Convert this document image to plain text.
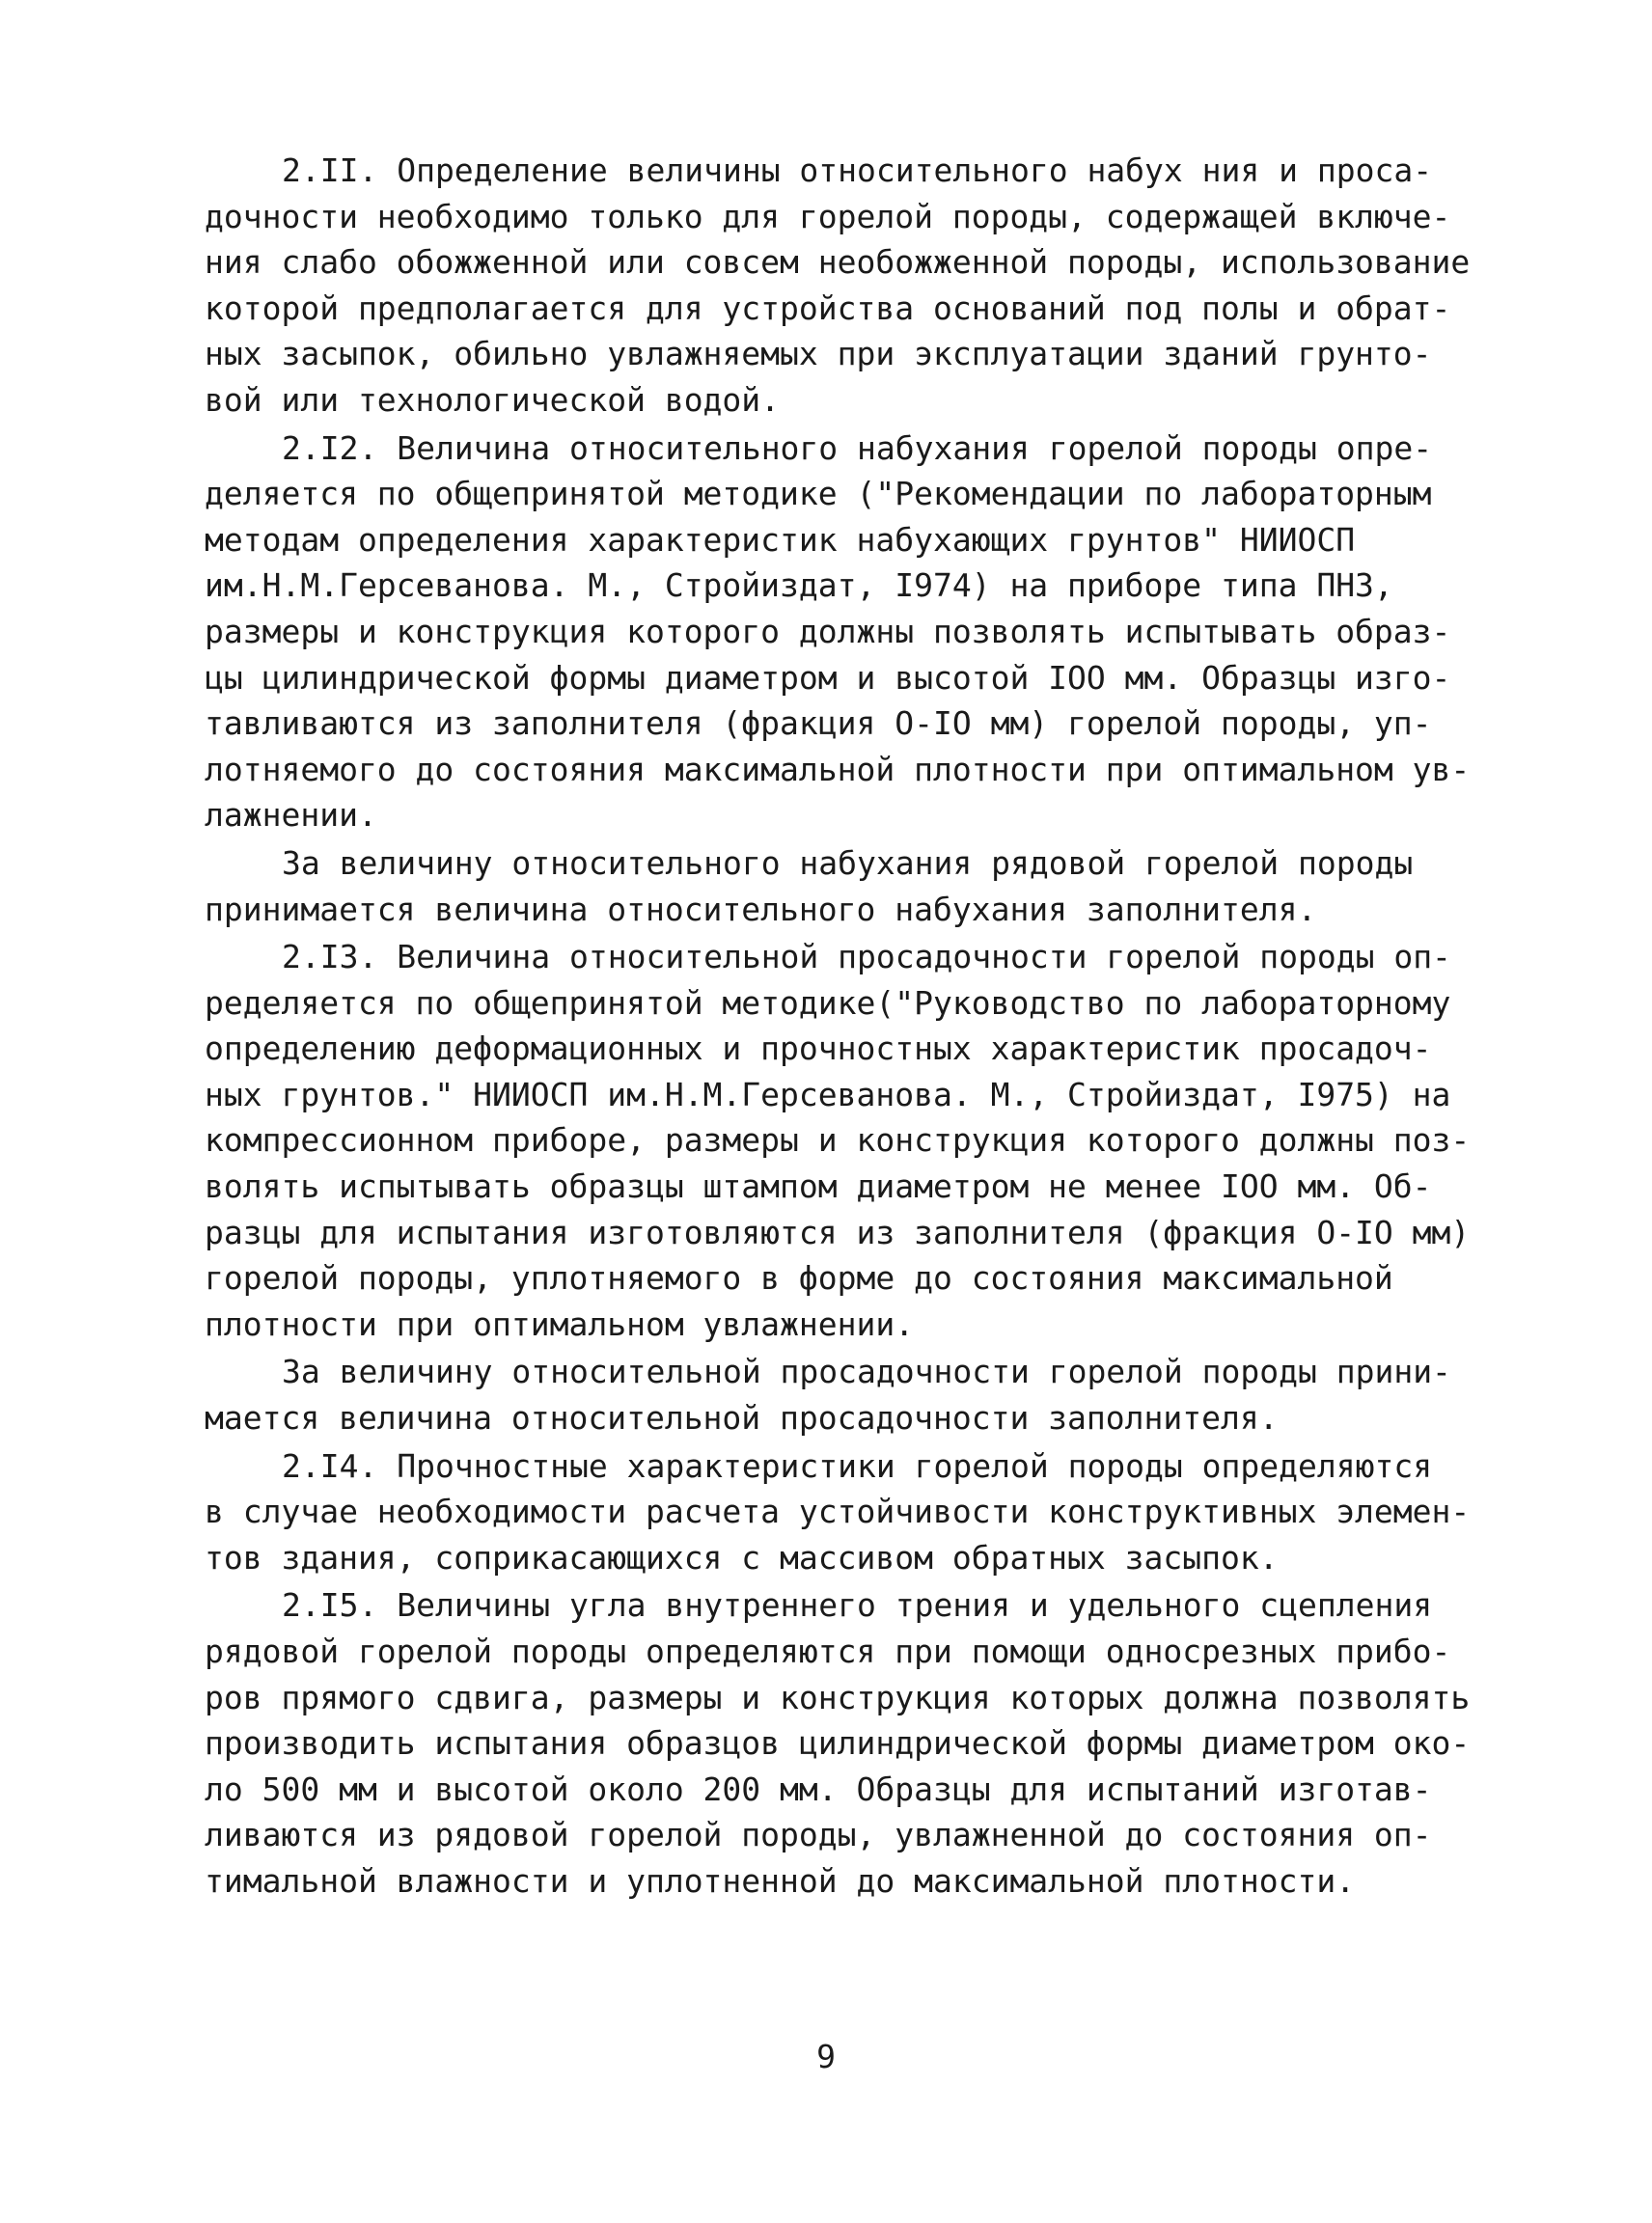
2.II. Определение величины относительного набух ния и проса-
дочности необходимо только для горелой породы, содержащей включе-
ния слабо обожженной или совсем необожженной породы, использование
которой предполагается для устройства оснований под полы и обрат-
ных засыпок, обильно увлажняемых при эксплуатации зданий грунто-
вой или технологической водой.
2.I2. Величина относительного набухания горелой породы опре-
деляется по общепринятой методике ("Рекомендации по лабораторным
методам определения характеристик набухающих грунтов" НИИОСП
им.Н.М.Герсеванова. М., Стройиздат, I974) на приборе типа ПНЗ,
размеры и конструкция которого должны позволять испытывать образ-
цы цилиндрической формы диаметром и высотой IOO мм. Образцы изго-
тавливаются из заполнителя (фракция О-IO мм) горелой породы, уп-
лотняемого до состояния максимальной плотности при оптимальном ув-
лажнении.
За величину относительного набухания рядовой горелой породы
принимается величина относительного набухания заполнителя.
2.I3. Величина относительной просадочности горелой породы оп-
ределяется по общепринятой методике("Руководство по лабораторному
определению деформационных и прочностных характеристик просадоч-
ных грунтов." НИИОСП им.Н.М.Герсеванова. М., Стройиздат, I975) на
компрессионном приборе, размеры и конструкция которого должны поз-
волять испытывать образцы штампом диаметром не менее IOO мм. Об-
разцы для испытания изготовляются из заполнителя (фракция О-IO мм)
горелой породы, уплотняемого в форме до состояния максимальной
плотности при оптимальном увлажнении.
За величину относительной просадочности горелой породы прини-
мается величина относительной просадочности заполнителя.
2.I4. Прочностные характеристики горелой породы определяются
в случае необходимости расчета устойчивости конструктивных элемен-
тов здания, соприкасающихся с массивом обратных засыпок.
2.I5. Величины угла внутреннего трения и удельного сцепления
рядовой горелой породы определяются при помощи односрезных прибо-
ров прямого сдвига, размеры и конструкция которых должна позволять
производить испытания образцов цилиндрической формы диаметром око-
ло 500 мм и высотой около 200 мм. Образцы для испытаний изготав-
ливаются из рядовой горелой породы, увлажненной до состояния оп-
тимальной влажности и уплотненной до максимальной плотности.
9
